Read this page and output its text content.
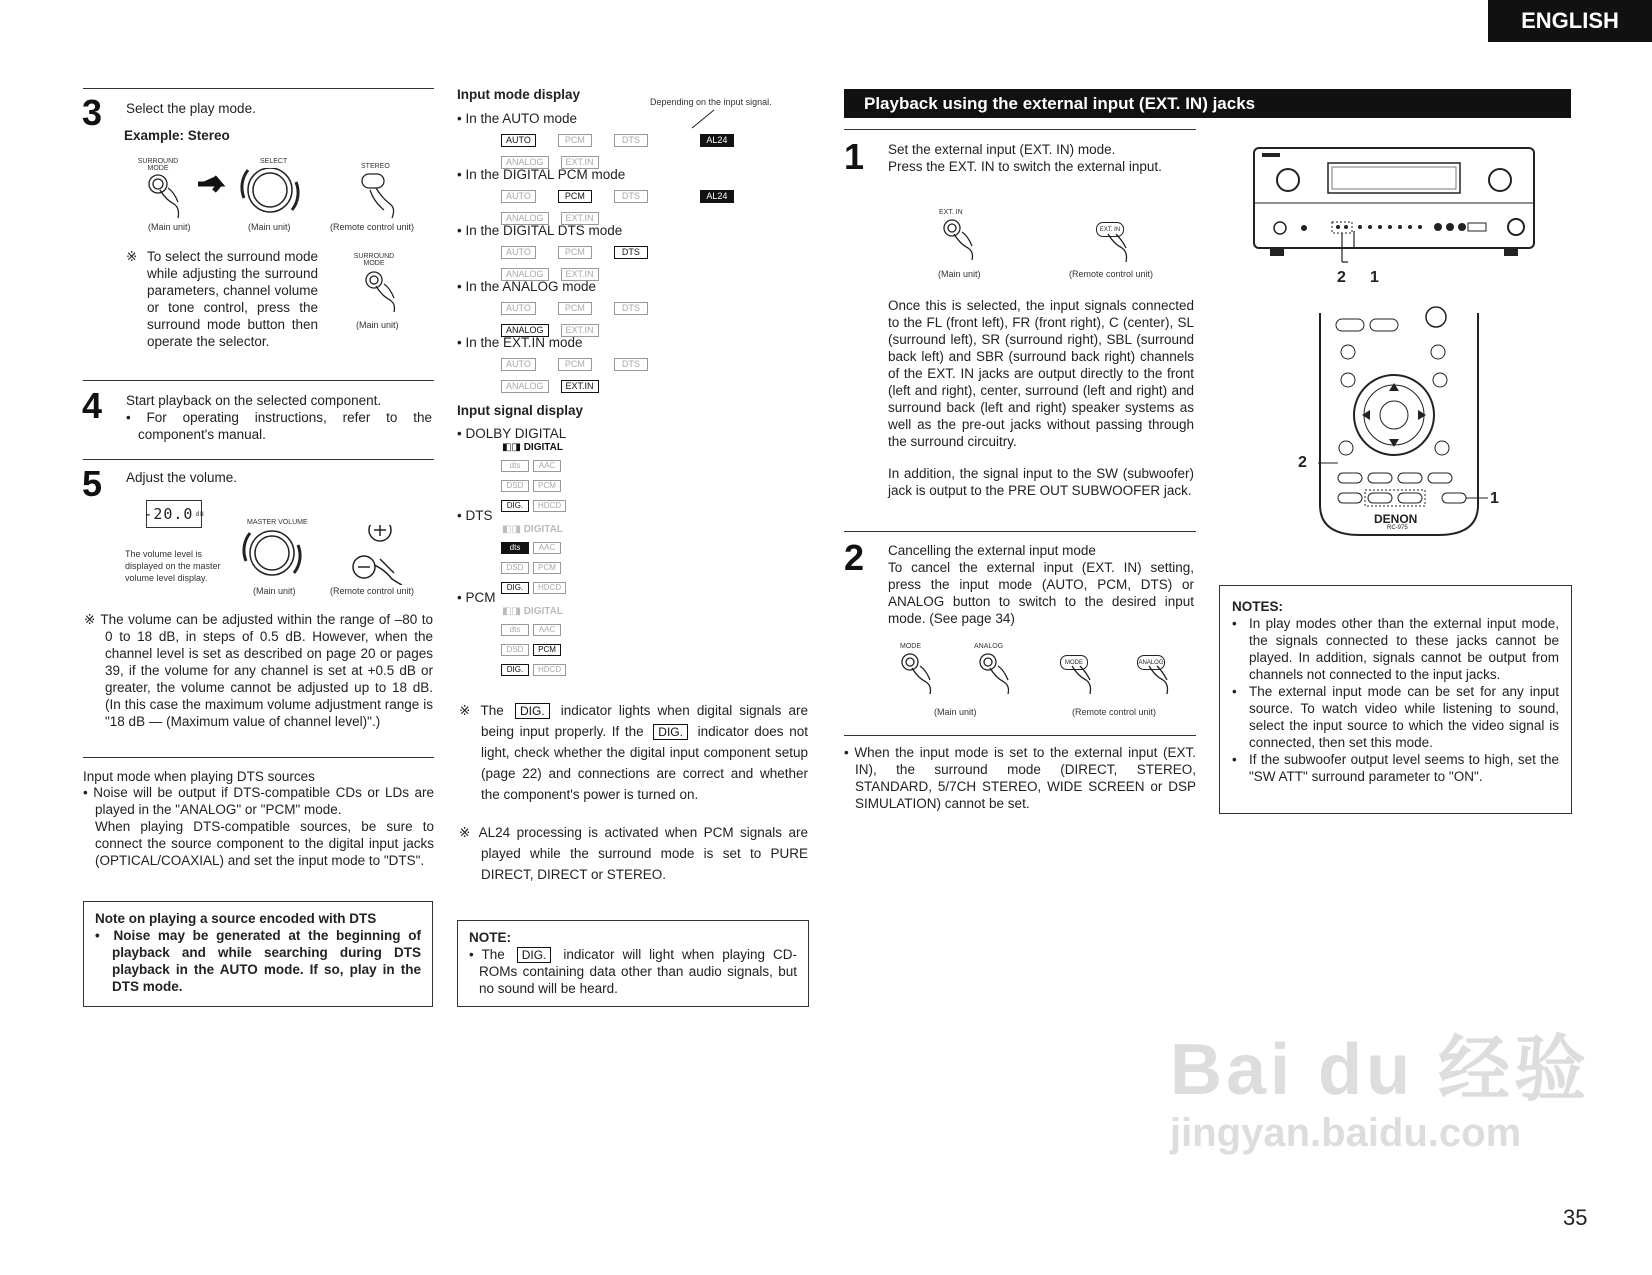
ENGLISH
3 Select the play mode.
Example: Stereo
SURROUND MODE
SELECT
STEREO
(Main unit)	(Main unit)	(Remote control unit)
※ To select the surround mode while adjusting the surround parameters, channel volume or tone control, press the surround mode button then operate the selector.
SURROUND MODE
(Main unit)
4 Start playback on the selected component.
• For operating instructions, refer to the component's manual.
5 Adjust the volume.
-20.0 dB
The volume level is displayed on the master volume level display.
MASTER VOLUME
(Main unit)	(Remote control unit)
※ The volume can be adjusted within the range of –80 to 0 to 18 dB, in steps of 0.5 dB. However, when the channel level is set as described on page 20 or pages 39, if the volume for any channel is set at +0.5 dB or greater, the volume cannot be adjusted up to 18 dB. (In this case the maximum volume adjustment range is "18 dB — (Maximum value of channel level)".)
Input mode when playing DTS sources
• Noise will be output if DTS-compatible CDs or LDs are played in the "ANALOG" or "PCM" mode.
When playing DTS-compatible sources, be sure to connect the source component to the digital input jacks (OPTICAL/COAXIAL) and set the input mode to "DTS".
Note on playing a source encoded with DTS
• Noise may be generated at the beginning of playback and while searching during DTS playback in the AUTO mode. If so, play in the DTS mode.
Input mode display	Depending on the input signal.
• In the AUTO mode
AUTO	PCM	DTS	AL24
ANALOG EXT.IN
• In the DIGITAL PCM mode
AUTO	PCM	DTS	AL24
ANALOG EXT.IN
• In the DIGITAL DTS mode
AUTO	PCM	DTS
ANALOG EXT.IN
• In the ANALOG mode
AUTO	PCM	DTS
ANALOG EXT.IN
• In the EXT.IN mode
AUTO	PCM	DTS
ANALOG EXT.IN
Input signal display
• DOLBY DIGITAL
◧◨ DIGITAL
dts AAC
DSD PCM
DIG. HDCD
• DTS
◧◨ DIGITAL
dts AAC
DSD PCM
DIG. HDCD
• PCM
◧◨ DIGITAL
dts AAC
DSD PCM
DIG. HDCD
※ The DIG. indicator lights when digital signals are being input properly. If the DIG. indicator does not light, check whether the digital input component setup (page 22) and connections are correct and whether the component's power is turned on.
※ AL24 processing is activated when PCM signals are played while the surround mode is set to PURE DIRECT, DIRECT or STEREO.
NOTE:
• The DIG. indicator will light when playing CD-ROMs containing data other than audio signals, but no sound will be heard.
Playback using the external input (EXT. IN) jacks
1 Set the external input (EXT. IN) mode.
Press the EXT. IN to switch the external input.
EXT. IN
EXT. IN
(Main unit)	(Remote control unit)
Once this is selected, the input signals connected to the FL (front left), FR (front right), C (center), SL (surround left), SR (surround right), SBL (surround back left) and SBR (surround back right) channels of the EXT. IN jacks are output directly to the front (left and right), center, surround (left and right) and surround back (left and right) speaker systems as well as the pre-out jacks without passing through the surround circuitry.
In addition, the signal input to the SW (subwoofer) jack is output to the PRE OUT SUBWOOFER jack.
2 Cancelling the external input mode
To cancel the external input (EXT. IN) setting, press the input mode (AUTO, PCM, DTS) or ANALOG button to switch to the desired input mode. (See page 34)
MODE	ANALOG
MODE	ANALOG
(Main unit)	(Remote control unit)
• When the input mode is set to the external input (EXT. IN), the surround mode (DIRECT, STEREO, STANDARD, 5/7CH STEREO, WIDE SCREEN or DSP SIMULATION) cannot be set.
2 1
2
1
DENON
RC-975
NOTES:
• In play modes other than the external input mode, the signals connected to these jacks cannot be played. In addition, signals cannot be output from channels not connected to the input jacks.
• The external input mode can be set for any input source. To watch video while listening to sound, select the input source to which the video signal is connected, then set this mode.
• If the subwoofer output level seems to high, set the "SW ATT" surround parameter to "ON".
Bai du 经验
jingyan.baidu.com
35
